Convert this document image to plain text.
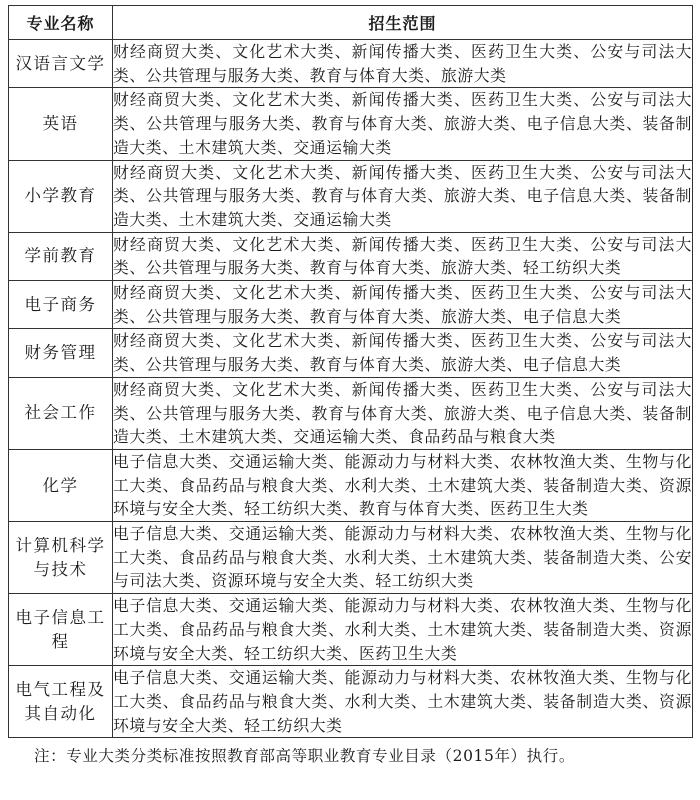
专业名称	招生范围
汉语言文学	财经商贸大类、文化艺术大类、新闻传播大类、医药卫生大类、公安与司法大类、公共管理与服务大类、教育与体育大类、旅游大类
英语	财经商贸大类、文化艺术大类、新闻传播大类、医药卫生大类、公安与司法大类、公共管理与服务大类、教育与体育大类、旅游大类、电子信息大类、装备制造大类、土木建筑大类、交通运输大类
小学教育	财经商贸大类、文化艺术大类、新闻传播大类、医药卫生大类、公安与司法大类、公共管理与服务大类、教育与体育大类、旅游大类、电子信息大类、装备制造大类、土木建筑大类、交通运输大类
学前教育	财经商贸大类、文化艺术大类、新闻传播大类、医药卫生大类、公安与司法大类、公共管理与服务大类、教育与体育大类、旅游大类、轻工纺织大类
电子商务	财经商贸大类、文化艺术大类、新闻传播大类、医药卫生大类、公安与司法大类、公共管理与服务大类、教育与体育大类、旅游大类、电子信息大类
财务管理	财经商贸大类、文化艺术大类、新闻传播大类、医药卫生大类、公安与司法大类、公共管理与服务大类、教育与体育大类、旅游大类、电子信息大类
社会工作	财经商贸大类、文化艺术大类、新闻传播大类、医药卫生大类、公安与司法大类、公共管理与服务大类、教育与体育大类、旅游大类、电子信息大类、装备制造大类、土木建筑大类、交通运输大类、食品药品与粮食大类
化学	电子信息大类、交通运输大类、能源动力与材料大类、农林牧渔大类、生物与化工大类、食品药品与粮食大类、水利大类、土木建筑大类、装备制造大类、资源环境与安全大类、轻工纺织大类、教育与体育大类、医药卫生大类
计算机科学与技术	电子信息大类、交通运输大类、能源动力与材料大类、农林牧渔大类、生物与化工大类、食品药品与粮食大类、水利大类、土木建筑大类、装备制造大类、公安与司法大类、资源环境与安全大类、轻工纺织大类
电子信息工程	电子信息大类、交通运输大类、能源动力与材料大类、农林牧渔大类、生物与化工大类、食品药品与粮食大类、水利大类、土木建筑大类、装备制造大类、资源环境与安全大类、轻工纺织大类、医药卫生大类
电气工程及其自动化	电子信息大类、交通运输大类、能源动力与材料大类、农林牧渔大类、生物与化工大类、食品药品与粮食大类、水利大类、土木建筑大类、装备制造大类、资源环境与安全大类、轻工纺织大类
注：专业大类分类标准按照教育部高等职业教育专业目录（2015年）执行。
